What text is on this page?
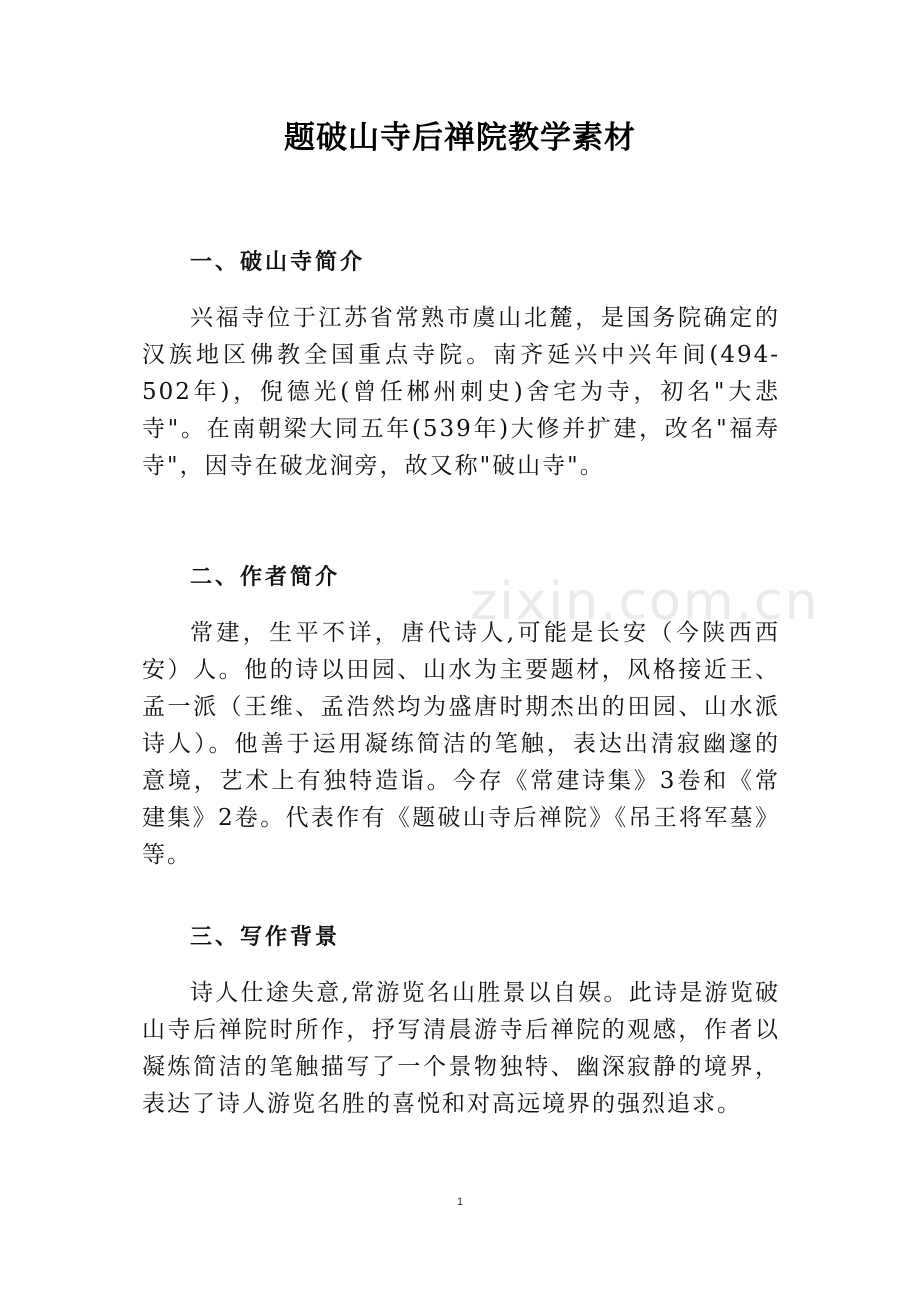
zixin.com.cn
题破山寺后禅院教学素材
一、破山寺简介
兴福寺位于江苏省常熟市虞山北麓，是国务院确定的汉族地区佛教全国重点寺院。南齐延兴中兴年间(494-502年)，倪德光(曾任郴州刺史)舍宅为寺，初名"大悲寺"。在南朝梁大同五年(539年)大修并扩建，改名"福寿寺"，因寺在破龙涧旁，故又称"破山寺"。
二、作者简介
常建，生平不详，唐代诗人,可能是长安（今陕西西安）人。他的诗以田园、山水为主要题材，风格接近王、孟一派（王维、孟浩然均为盛唐时期杰出的田园、山水派诗人）。他善于运用凝练简洁的笔触，表达出清寂幽邃的意境，艺术上有独特造诣。今存《常建诗集》3卷和《常建集》2卷。代表作有《题破山寺后禅院》《吊王将军墓》等。
三、写作背景
诗人仕途失意,常游览名山胜景以自娱。此诗是游览破山寺后禅院时所作，抒写清晨游寺后禅院的观感，作者以凝炼简洁的笔触描写了一个景物独特、幽深寂静的境界，表达了诗人游览名胜的喜悦和对高远境界的强烈追求。
1
